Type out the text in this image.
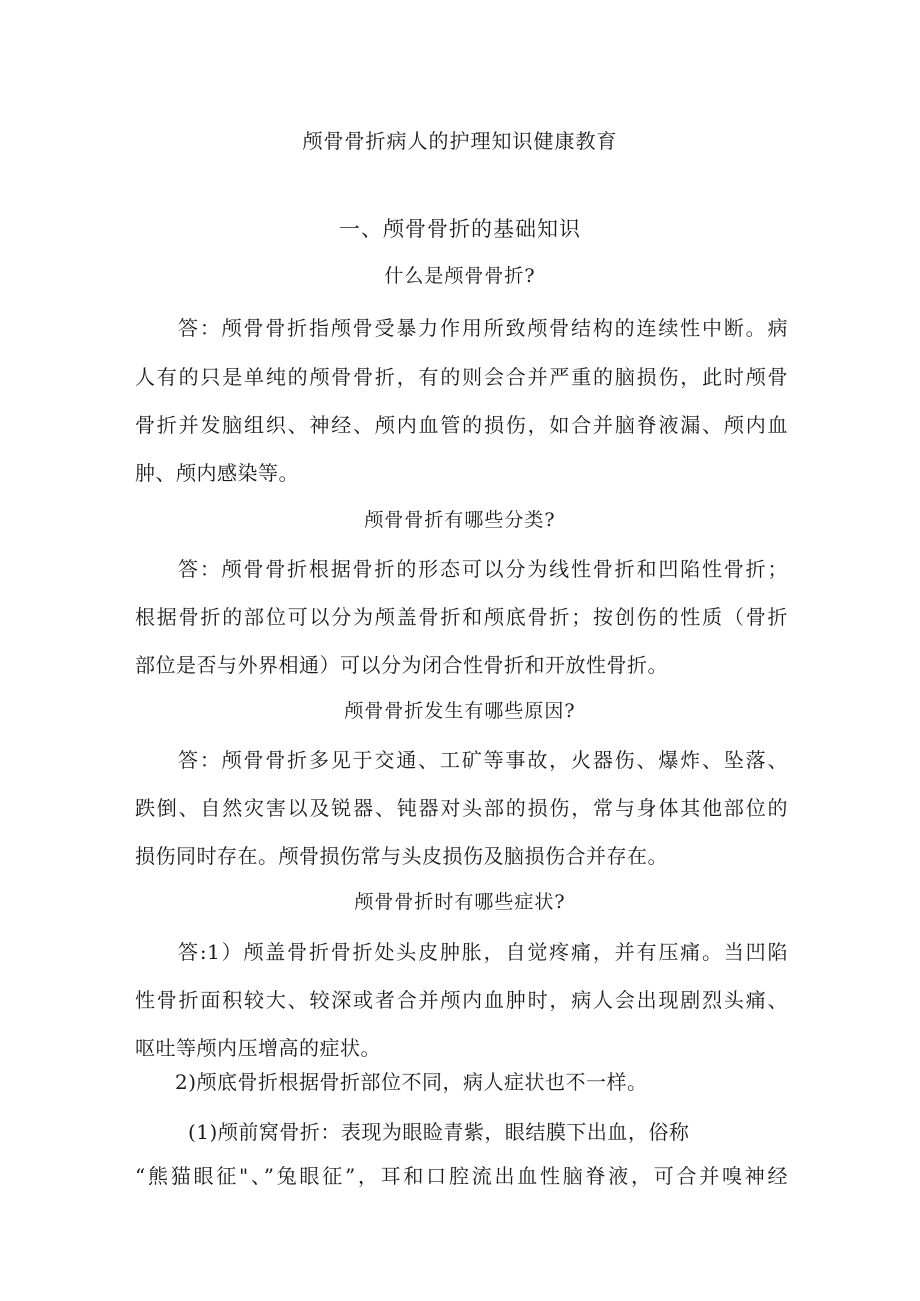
颅骨骨折病人的护理知识健康教育
一、颅骨骨折的基础知识
什么是颅骨骨折?
答：颅骨骨折指颅骨受暴力作用所致颅骨结构的连续性中断。病
人有的只是单纯的颅骨骨折，有的则会合并严重的脑损伤，此时颅骨
骨折并发脑组织、神经、颅内血管的损伤，如合并脑脊液漏、颅内血
肿、颅内感染等。
颅骨骨折有哪些分类?
答：颅骨骨折根据骨折的形态可以分为线性骨折和凹陷性骨折；
根据骨折的部位可以分为颅盖骨折和颅底骨折；按创伤的性质（骨折
部位是否与外界相通）可以分为闭合性骨折和开放性骨折。
颅骨骨折发生有哪些原因?
答：颅骨骨折多见于交通、工矿等事故，火器伤、爆炸、坠落、
跌倒、自然灾害以及锐器、钝器对头部的损伤，常与身体其他部位的
损伤同时存在。颅骨损伤常与头皮损伤及脑损伤合并存在。
颅骨骨折时有哪些症状?
答:1）颅盖骨折骨折处头皮肿胀，自觉疼痛，并有压痛。当凹陷
性骨折面积较大、较深或者合并颅内血肿时，病人会出现剧烈头痛、
呕吐等颅内压增高的症状。
2)颅底骨折根据骨折部位不同，病人症状也不一样。
(1)颅前窝骨折：表现为眼睑青紫，眼结膜下出血，俗称
“熊猫眼征"、”兔眼征”，耳和口腔流出血性脑脊液，可合并嗅神经
